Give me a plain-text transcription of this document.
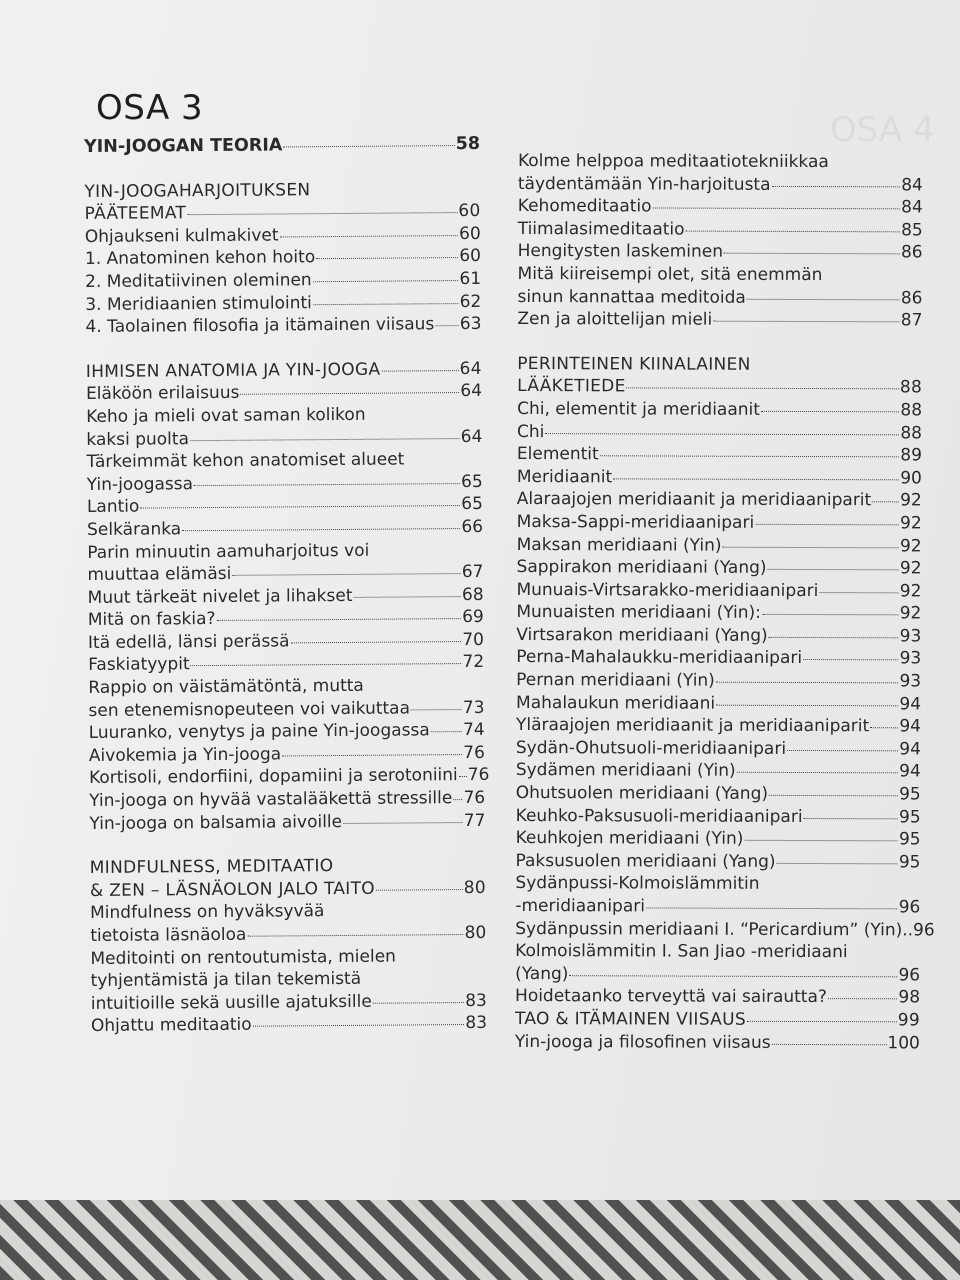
OSA 4
OSA 3
YIN-JOOGAN TEORIA	58
YIN-JOOGAHARJOITUKSEN
PÄÄTEEMAT	60
Ohjaukseni kulmakivet	60
1. Anatominen kehon hoito	60
2. Meditatiivinen oleminen	61
3. Meridiaanien stimulointi	62
4. Taolainen filosofia ja itämainen viisaus 63
IHMISEN ANATOMIA JA YIN-JOOGA	64
Eläköön erilaisuus	64
Keho ja mieli ovat saman kolikon
kaksi puolta	64
Tärkeimmät kehon anatomiset alueet
Yin-joogassa	65
Lantio	65
Selkäranka	66
Parin minuutin aamuharjoitus voi
muuttaa elämäsi	67
Muut tärkeät nivelet ja lihakset	68
Mitä on faskia?	69
Itä edellä, länsi perässä	70
Faskiatyypit	72
Rappio on väistämätöntä, mutta
sen etenemisnopeuteen voi vaikuttaa	73
Luuranko, venytys ja paine Yin-joogassa 74
Aivokemia ja Yin-jooga	76
Kortisoli, endorfiini, dopamiini ja serotoniini 76
Yin-jooga on hyvää vastalääkettä stressille 76
Yin-jooga on balsamia aivoille	77
MINDFULNESS, MEDITAATIO
& ZEN – LÄSNÄOLON JALO TAITO	80
Mindfulness on hyväksyvää
tietoista läsnäoloa	80
Meditointi on rentoutumista, mielen
tyhjentämistä ja tilan tekemistä
intuitioille sekä uusille ajatuksille	83
Ohjattu meditaatio	83
Kolme helppoa meditaatiotekniikkaa
täydentämään Yin-harjoitusta	84
Kehomeditaatio	84
Tiimalasimeditaatio	85
Hengitysten laskeminen	86
Mitä kiireisempi olet, sitä enemmän
sinun kannattaa meditoida	86
Zen ja aloittelijan mieli	87
PERINTEINEN KIINALAINEN
LÄÄKETIEDE	88
Chi, elementit ja meridiaanit	88
Chi	88
Elementit	89
Meridiaanit	90
Alaraajojen meridiaanit ja meridiaaniparit 92
Maksa-Sappi-meridiaanipari	92
Maksan meridiaani (Yin)	92
Sappirakon meridiaani (Yang)	92
Munuais-Virtsarakko-meridiaanipari	92
Munuaisten meridiaani (Yin):	92
Virtsarakon meridiaani (Yang)	93
Perna-Mahalaukku-meridiaanipari	93
Pernan meridiaani (Yin)	93
Mahalaukun meridiaani	94
Yläraajojen meridiaanit ja meridiaaniparit 94
Sydän-Ohutsuoli-meridiaanipari	94
Sydämen meridiaani (Yin)	94
Ohutsuolen meridiaani (Yang)	95
Keuhko-Paksusuoli-meridiaanipari	95
Keuhkojen meridiaani (Yin)	95
Paksusuolen meridiaani (Yang)	95
Sydänpussi-Kolmoislämmitin
-meridiaanipari	96
Sydänpussin meridiaani I. “Pericardium” (Yin).. 96
Kolmoislämmitin I. San Jiao -meridiaani
(Yang)	96
Hoidetaanko terveyttä vai sairautta?	98
TAO & ITÄMAINEN VIISAUS	99
Yin-jooga ja filosofinen viisaus	100
